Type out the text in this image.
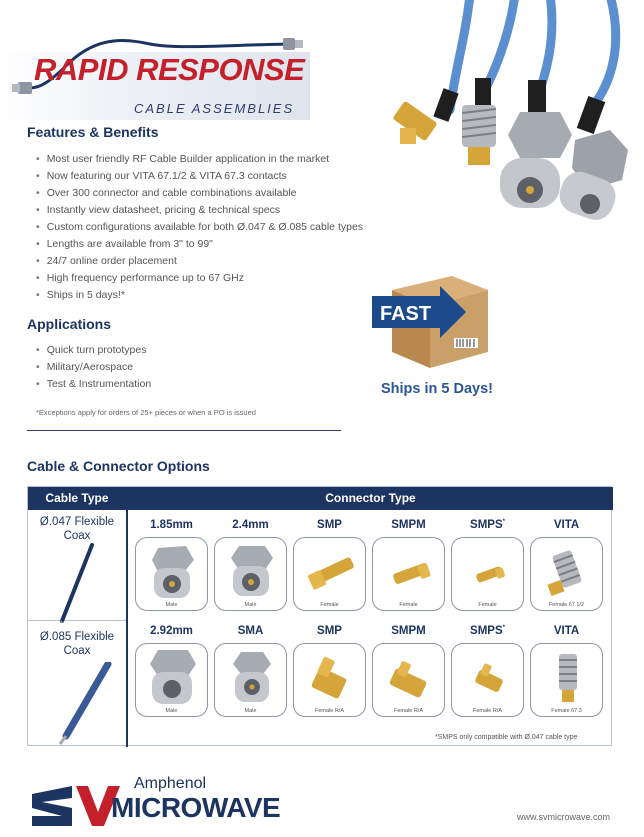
RAPID RESPONSE
CABLE ASSEMBLIES
Features & Benefits
• Most user friendly RF Cable Builder application in the market
• Now featuring our VITA 67.1/2 & VITA 67.3 contacts
• Over 300 connector and cable combinations available
• Instantly view datasheet, pricing & technical specs
• Custom configurations available for both Ø.047 & Ø.085 cable types
• Lengths are available from 3" to 99"
• 24/7 online order placement
• High frequency performance up to 67 GHz
• Ships in 5 days!*
Applications
• Quick turn prototypes
• Military/Aerospace
• Test & Instrumentation
*Exceptions apply for orders of 25+ pieces or when a PO is issued
FAST
Ships in 5 Days!
Cable & Connector Options
Cable Type	Connector Type
Ø.047 Flexible Coax
Ø.085 Flexible Coax
1.85mm
Male
2.4mm
Male
SMP
Female
SMPM
Female
SMPS*
Female
VITA
Female 67.1/2
2.92mm
Male
SMA
Male
SMP
Female R/A
SMPM
Female R/A
SMPS*
Female R/A
VITA
Female 67.3
*SMPS only compatible with Ø.047 cable type
Amphenol
MICROWAVE	www.svmicrowave.com
